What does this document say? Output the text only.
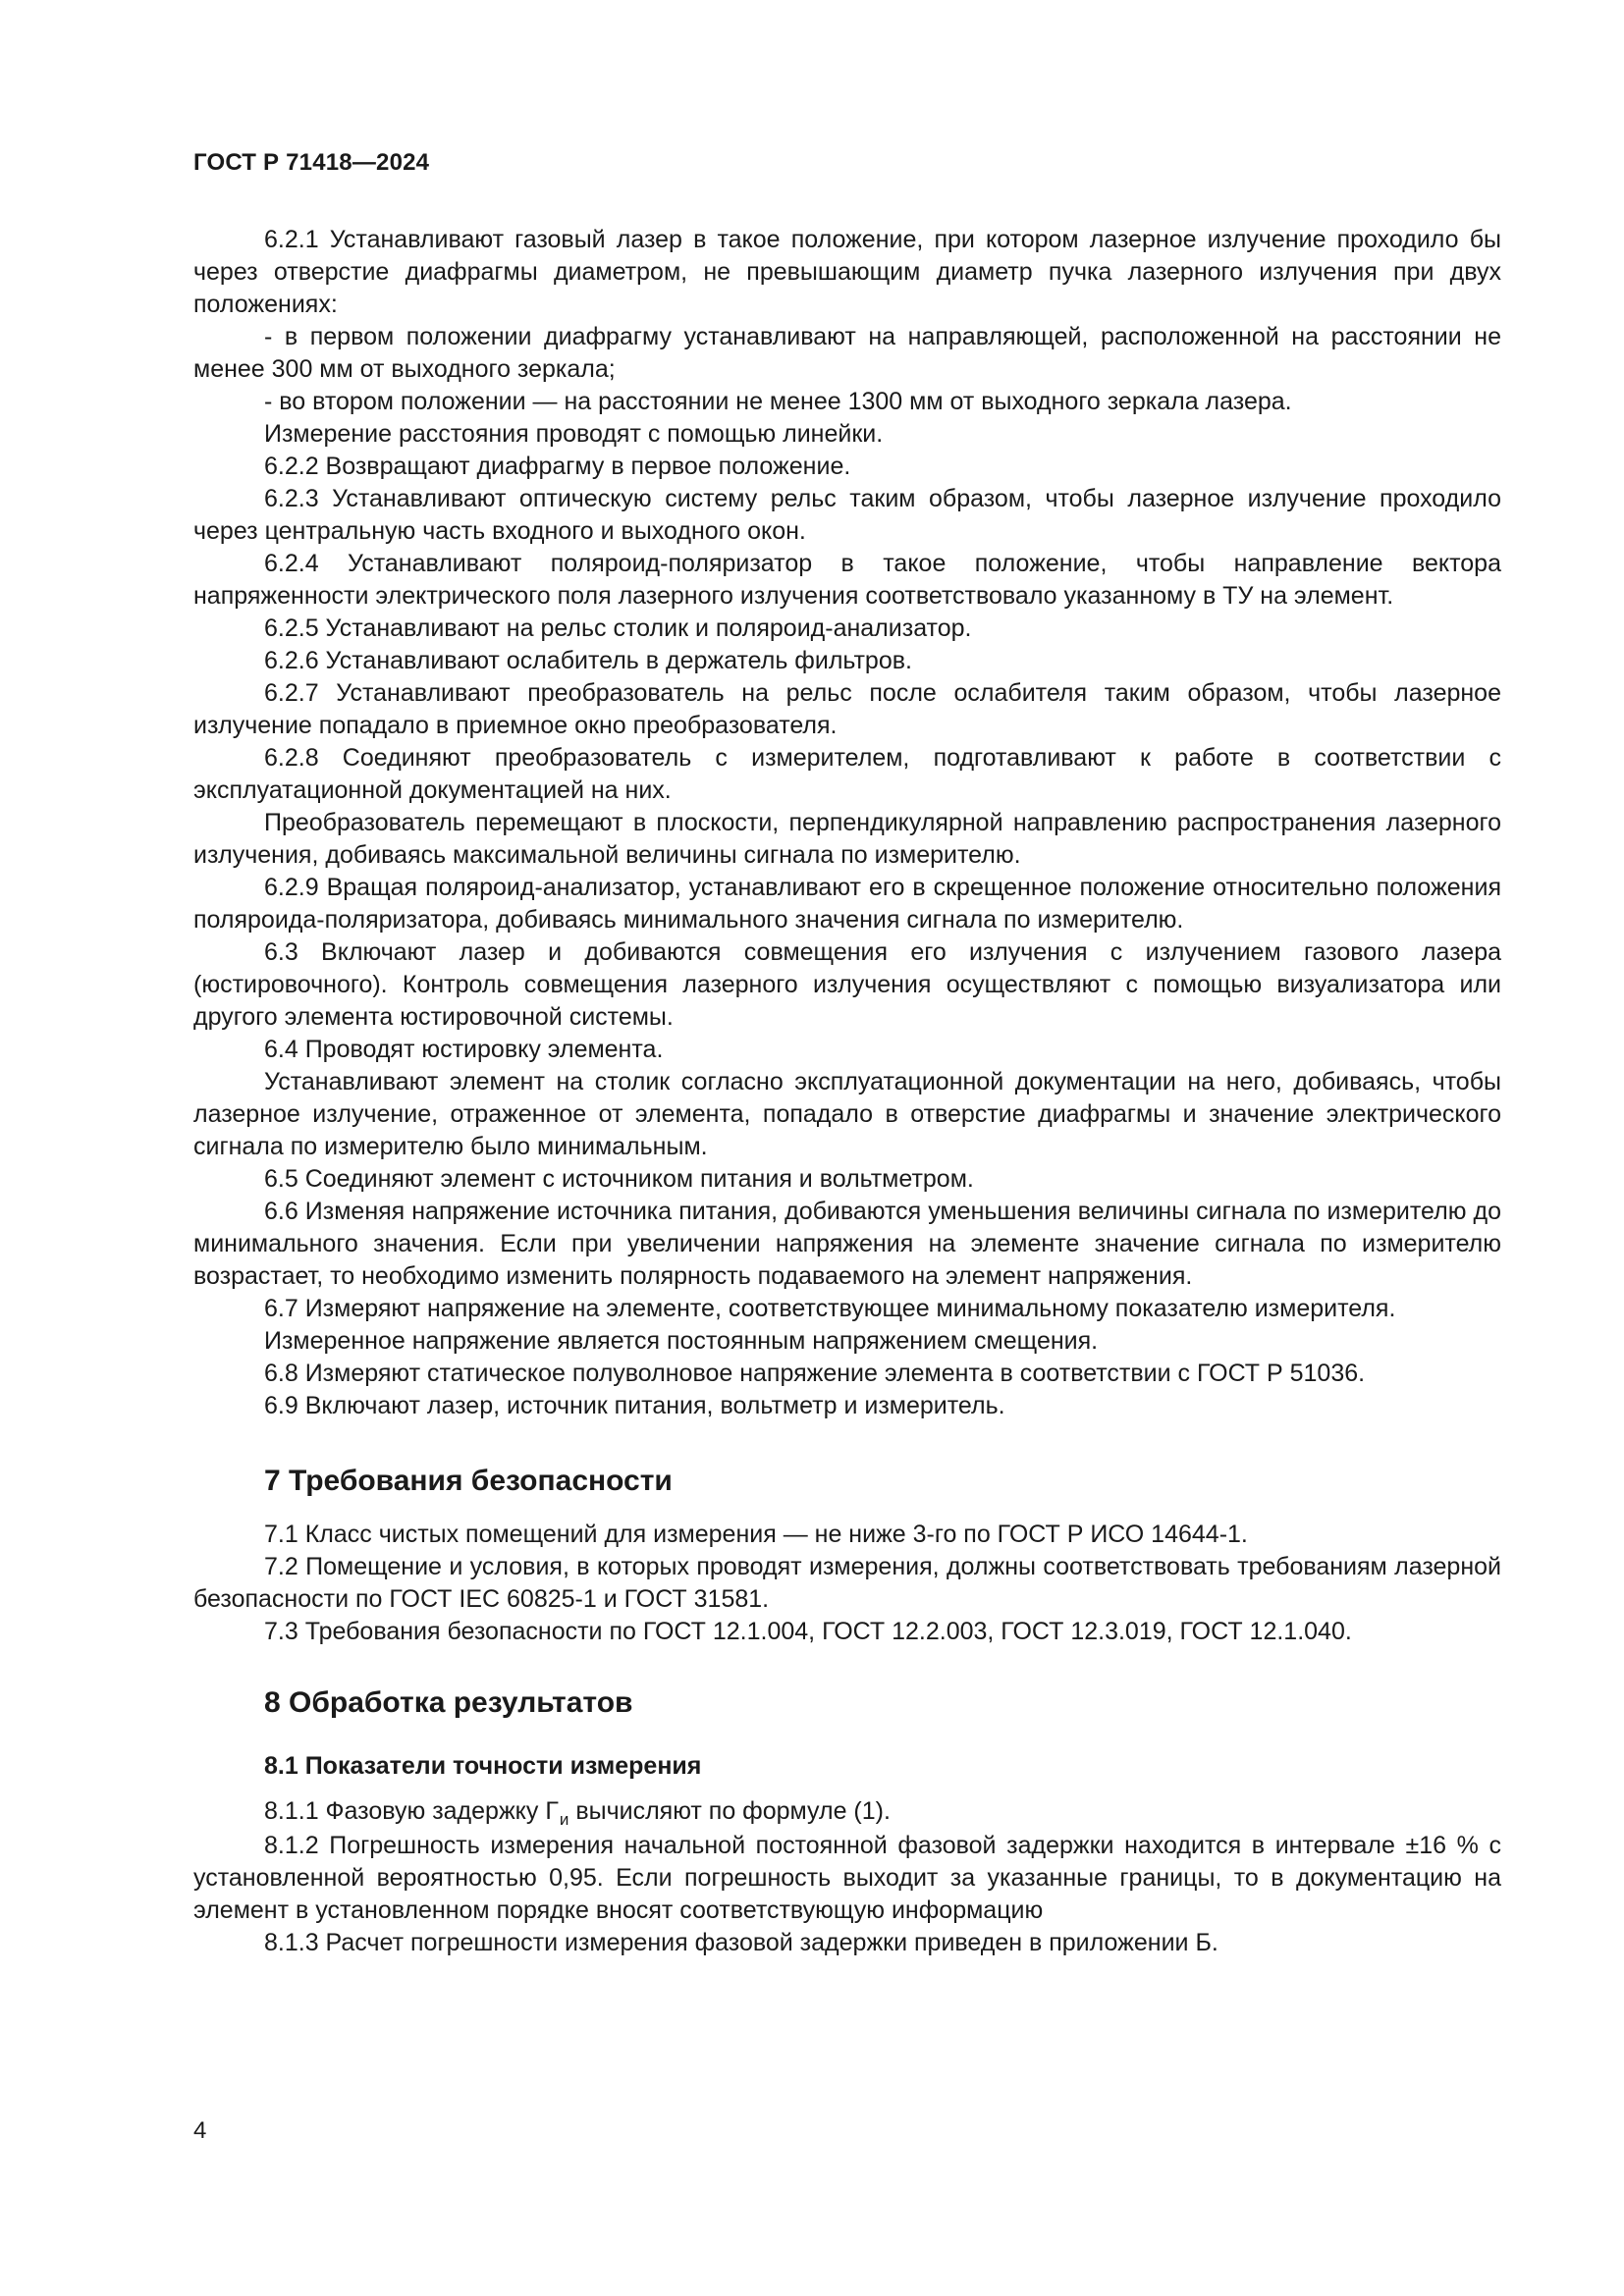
ГОСТ Р 71418—2024

6.2.1 Устанавливают газовый лазер в такое положение, при котором лазерное излучение проходило бы через отверстие диафрагмы диаметром, не превышающим диаметр пучка лазерного излучения при двух положениях:

- в первом положении диафрагму устанавливают на направляющей, расположенной на расстоянии не менее 300 мм от выходного зеркала;

- во втором положении — на расстоянии не менее 1300 мм от выходного зеркала лазера.

Измерение расстояния проводят с помощью линейки.

6.2.2 Возвращают диафрагму в первое положение.

6.2.3 Устанавливают оптическую систему рельс таким образом, чтобы лазерное излучение проходило через центральную часть входного и выходного окон.

6.2.4 Устанавливают поляроид-поляризатор в такое положение, чтобы направление вектора напряженности электрического поля лазерного излучения соответствовало указанному в ТУ на элемент.

6.2.5 Устанавливают на рельс столик и поляроид-анализатор.

6.2.6 Устанавливают ослабитель в держатель фильтров.

6.2.7 Устанавливают преобразователь на рельс после ослабителя таким образом, чтобы лазерное излучение попадало в приемное окно преобразователя.

6.2.8 Соединяют преобразователь с измерителем, подготавливают к работе в соответствии с эксплуатационной документацией на них.

Преобразователь перемещают в плоскости, перпендикулярной направлению распространения лазерного излучения, добиваясь максимальной величины сигнала по измерителю.

6.2.9 Вращая поляроид-анализатор, устанавливают его в скрещенное положение относительно положения поляроида-поляризатора, добиваясь минимального значения сигнала по измерителю.

6.3 Включают лазер и добиваются совмещения его излучения с излучением газового лазера (юстировочного). Контроль совмещения лазерного излучения осуществляют с помощью визуализатора или другого элемента юстировочной системы.

6.4 Проводят юстировку элемента.

Устанавливают элемент на столик согласно эксплуатационной документации на него, добиваясь, чтобы лазерное излучение, отраженное от элемента, попадало в отверстие диафрагмы и значение электрического сигнала по измерителю было минимальным.

6.5 Соединяют элемент с источником питания и вольтметром.

6.6 Изменяя напряжение источника питания, добиваются уменьшения величины сигнала по измерителю до минимального значения. Если при увеличении напряжения на элементе значение сигнала по измерителю возрастает, то необходимо изменить полярность подаваемого на элемент напряжения.

6.7 Измеряют напряжение на элементе, соответствующее минимальному показателю измерителя.

Измеренное напряжение является постоянным напряжением смещения.

6.8 Измеряют статическое полуволновое напряжение элемента в соответствии с ГОСТ Р 51036.

6.9 Включают лазер, источник питания, вольтметр и измеритель.

7 Требования безопасности

7.1 Класс чистых помещений для измерения — не ниже 3-го по ГОСТ Р ИСО 14644-1.

7.2 Помещение и условия, в которых проводят измерения, должны соответствовать требованиям лазерной безопасности по ГОСТ IEC 60825-1 и ГОСТ 31581.

7.3 Требования безопасности по ГОСТ 12.1.004, ГОСТ 12.2.003, ГОСТ 12.3.019, ГОСТ 12.1.040.

8 Обработка результатов
8.1 Показатели точности измерения

8.1.1 Фазовую задержку $Г_и$ вычисляют по формуле (1).

8.1.2 Погрешность измерения начальной постоянной фазовой задержки находится в интервале ±16 % с установленной вероятностью 0,95. Если погрешность выходит за указанные границы, то в документацию на элемент в установленном порядке вносят соответствующую информацию

8.1.3 Расчет погрешности измерения фазовой задержки приведен в приложении Б.

4
